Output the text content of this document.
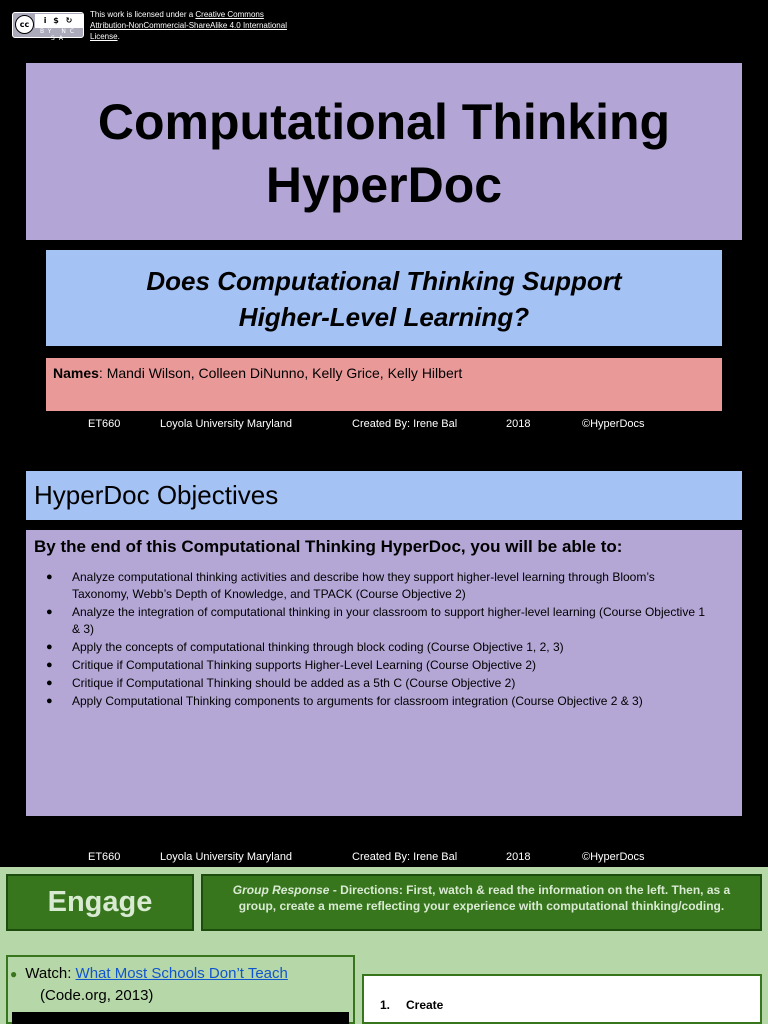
cc	i $ ↻
BY NC SA
This work is licensed under a Creative Commons Attribution-NonCommercial-ShareAlike 4.0 International License.
Computational Thinking
HyperDoc
Does Computational Thinking Support
Higher-Level Learning?
Names: Mandi Wilson, Colleen DiNunno, Kelly Grice, Kelly Hilbert
ET660	Loyola University Maryland	Created By: Irene Bal	2018	©HyperDocs
HyperDoc Objectives

By the end of this Computational Thinking HyperDoc, you will be able to:

● Analyze computational thinking activities and describe how they support higher-level learning through Bloom’s Taxonomy, Webb’s Depth of Knowledge, and TPACK (Course Objective 2)
● Analyze the integration of computational thinking in your classroom to support higher-level learning (Course Objective 1 & 3)
● Apply the concepts of computational thinking through block coding (Course Objective 1, 2, 3)
● Critique if Computational Thinking supports Higher-Level Learning (Course Objective 2)
● Critique if Computational Thinking should be added as a 5th C (Course Objective 2)
● Apply Computational Thinking components to arguments for classroom integration (Course Objective 2 & 3)
ET660	Loyola University Maryland	Created By: Irene Bal	2018	©HyperDocs
Engage	Group Response - Directions: First, watch & read the information on the left. Then, as a group, create a meme reflecting your experience with computational thinking/coding.
● Watch: What Most Schools Don’t Teach
(Code.org, 2013)
1. Create
